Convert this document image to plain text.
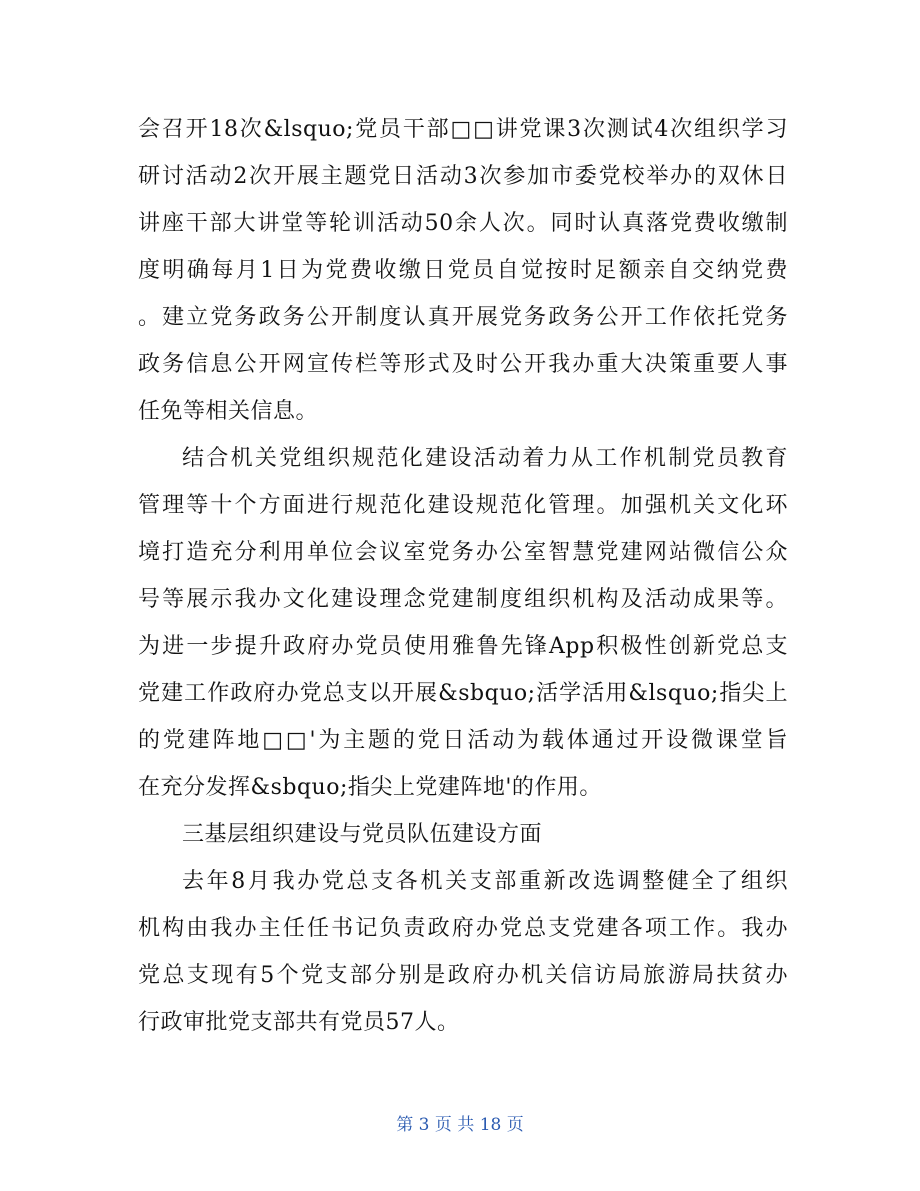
会召开18次&lsquo;党员干部□□讲党课3次测试4次组织学习
研讨活动2次开展主题党日活动3次参加市委党校举办的双休日
讲座干部大讲堂等轮训活动50余人次。同时认真落党费收缴制
度明确每月1日为党费收缴日党员自觉按时足额亲自交纳党费
。建立党务政务公开制度认真开展党务政务公开工作依托党务
政务信息公开网宣传栏等形式及时公开我办重大决策重要人事
任免等相关信息。
结合机关党组织规范化建设活动着力从工作机制党员教育
管理等十个方面进行规范化建设规范化管理。加强机关文化环
境打造充分利用单位会议室党务办公室智慧党建网站微信公众
号等展示我办文化建设理念党建制度组织机构及活动成果等。
为进一步提升政府办党员使用雅鲁先锋App积极性创新党总支
党建工作政府办党总支以开展&sbquo;活学活用&lsquo;指尖上
的党建阵地□□'为主题的党日活动为载体通过开设微课堂旨
在充分发挥&sbquo;指尖上党建阵地'的作用。
三基层组织建设与党员队伍建设方面
去年8月我办党总支各机关支部重新改选调整健全了组织
机构由我办主任任书记负责政府办党总支党建各项工作。我办
党总支现有5个党支部分别是政府办机关信访局旅游局扶贫办
行政审批党支部共有党员57人。
第 3 页 共 18 页
